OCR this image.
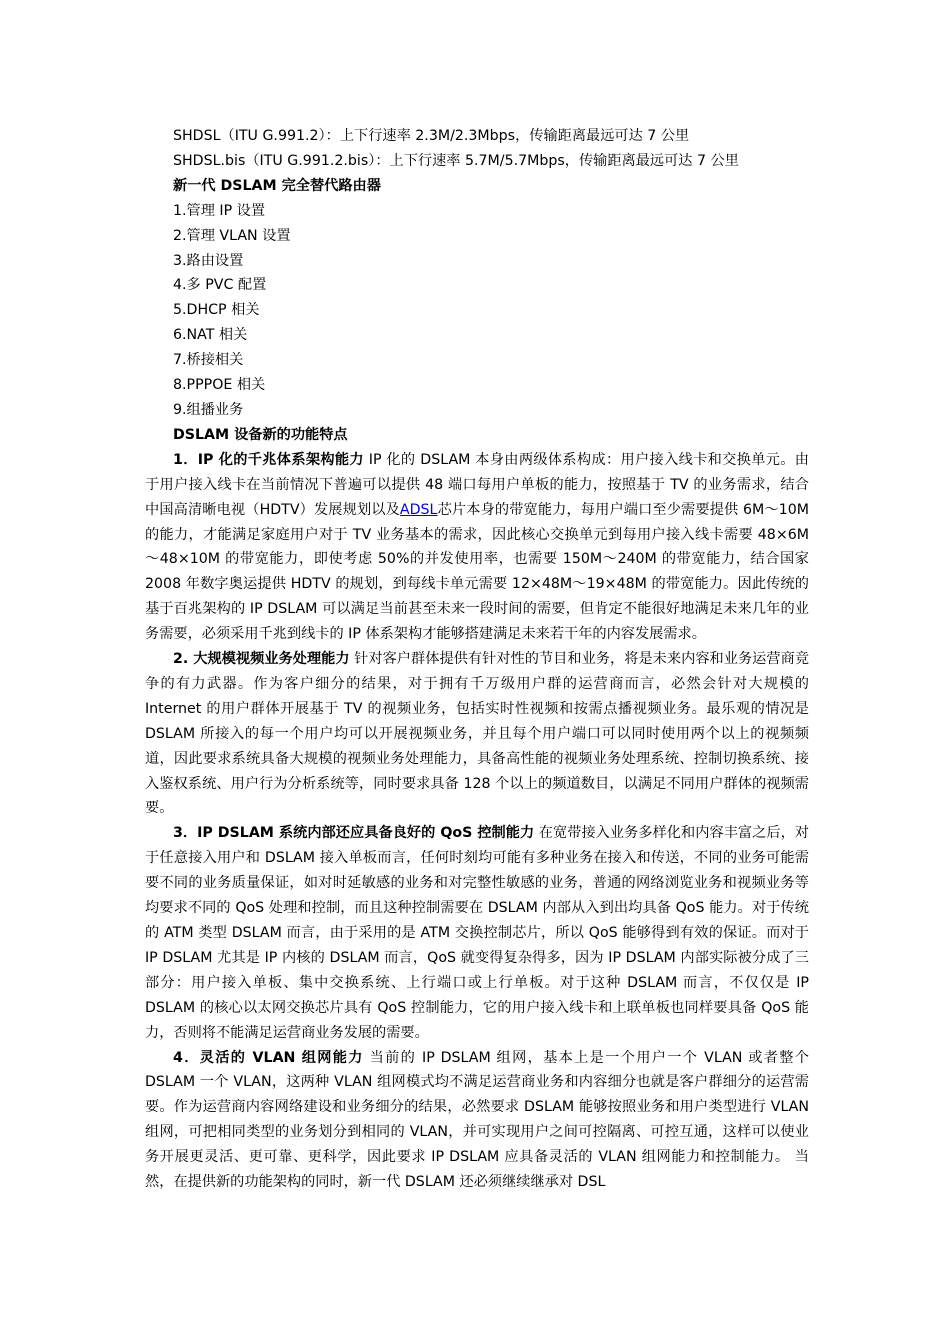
SHDSL（ITU G.991.2）：上下行速率 2.3M/2.3Mbps，传输距离最远可达 7 公里
SHDSL.bis（ITU G.991.2.bis）：上下行速率 5.7M/5.7Mbps，传输距离最远可达 7 公里
新一代 DSLAM 完全替代路由器
1.管理 IP 设置
2.管理 VLAN 设置
3.路由设置
4.多 PVC 配置
5.DHCP 相关
6.NAT 相关
7.桥接相关
8.PPPOE 相关
9.组播业务
DSLAM 设备新的功能特点

1．IP 化的千兆体系架构能力 IP 化的 DSLAM 本身由两级体系构成：用户接入线卡和交换单元。由于用户接入线卡在当前情况下普遍可以提供 48 端口每用户单板的能力，按照基于 TV 的业务需求，结合中国高清晰电视（HDTV）发展规划以及ADSL芯片本身的带宽能力，每用户端口至少需要提供 6M～10M 的能力，才能满足家庭用户对于 TV 业务基本的需求，因此核心交换单元到每用户接入线卡需要 48×6M～48×10M 的带宽能力，即使考虑 50%的并发使用率，也需要 150M～240M 的带宽能力，结合国家 2008 年数字奥运提供 HDTV 的规划，到每线卡单元需要 12×48M～19×48M 的带宽能力。因此传统的基于百兆架构的 IP DSLAM 可以满足当前甚至未来一段时间的需要，但肯定不能很好地满足未来几年的业务需要，必须采用千兆到线卡的 IP 体系架构才能够搭建满足未来若干年的内容发展需求。

2. 大规模视频业务处理能力 针对客户群体提供有针对性的节目和业务，将是未来内容和业务运营商竞争的有力武器。作为客户细分的结果，对于拥有千万级用户群的运营商而言，必然会针对大规模的 Internet 的用户群体开展基于 TV 的视频业务，包括实时性视频和按需点播视频业务。最乐观的情况是 DSLAM 所接入的每一个用户均可以开展视频业务，并且每个用户端口可以同时使用两个以上的视频频道，因此要求系统具备大规模的视频业务处理能力，具备高性能的视频业务处理系统、控制切换系统、接入鉴权系统、用户行为分析系统等，同时要求具备 128 个以上的频道数目，以满足不同用户群体的视频需要。

3．IP DSLAM 系统内部还应具备良好的 QoS 控制能力 在宽带接入业务多样化和内容丰富之后，对于任意接入用户和 DSLAM 接入单板而言，任何时刻均可能有多种业务在接入和传送，不同的业务可能需要不同的业务质量保证，如对时延敏感的业务和对完整性敏感的业务，普通的网络浏览业务和视频业务等均要求不同的 QoS 处理和控制，而且这种控制需要在 DSLAM 内部从入到出均具备 QoS 能力。对于传统的 ATM 类型 DSLAM 而言，由于采用的是 ATM 交换控制芯片，所以 QoS 能够得到有效的保证。而对于 IP DSLAM 尤其是 IP 内核的 DSLAM 而言，QoS 就变得复杂得多，因为 IP DSLAM 内部实际被分成了三部分：用户接入单板、集中交换系统、上行端口或上行单板。对于这种 DSLAM 而言，不仅仅是 IP DSLAM 的核心以太网交换芯片具有 QoS 控制能力，它的用户接入线卡和上联单板也同样要具备 QoS 能力，否则将不能满足运营商业务发展的需要。

4．灵活的 VLAN 组网能力 当前的 IP DSLAM 组网，基本上是一个用户一个 VLAN 或者整个 DSLAM 一个 VLAN，这两种 VLAN 组网模式均不满足运营商业务和内容细分也就是客户群细分的运营需要。作为运营商内容网络建设和业务细分的结果，必然要求 DSLAM 能够按照业务和用户类型进行 VLAN 组网，可把相同类型的业务划分到相同的 VLAN，并可实现用户之间可控隔离、可控互通，这样可以使业务开展更灵活、更可靠、更科学，因此要求 IP DSLAM 应具备灵活的 VLAN 组网能力和控制能力。 当然，在提供新的功能架构的同时，新一代 DSLAM 还必须继续继承对 DSL
